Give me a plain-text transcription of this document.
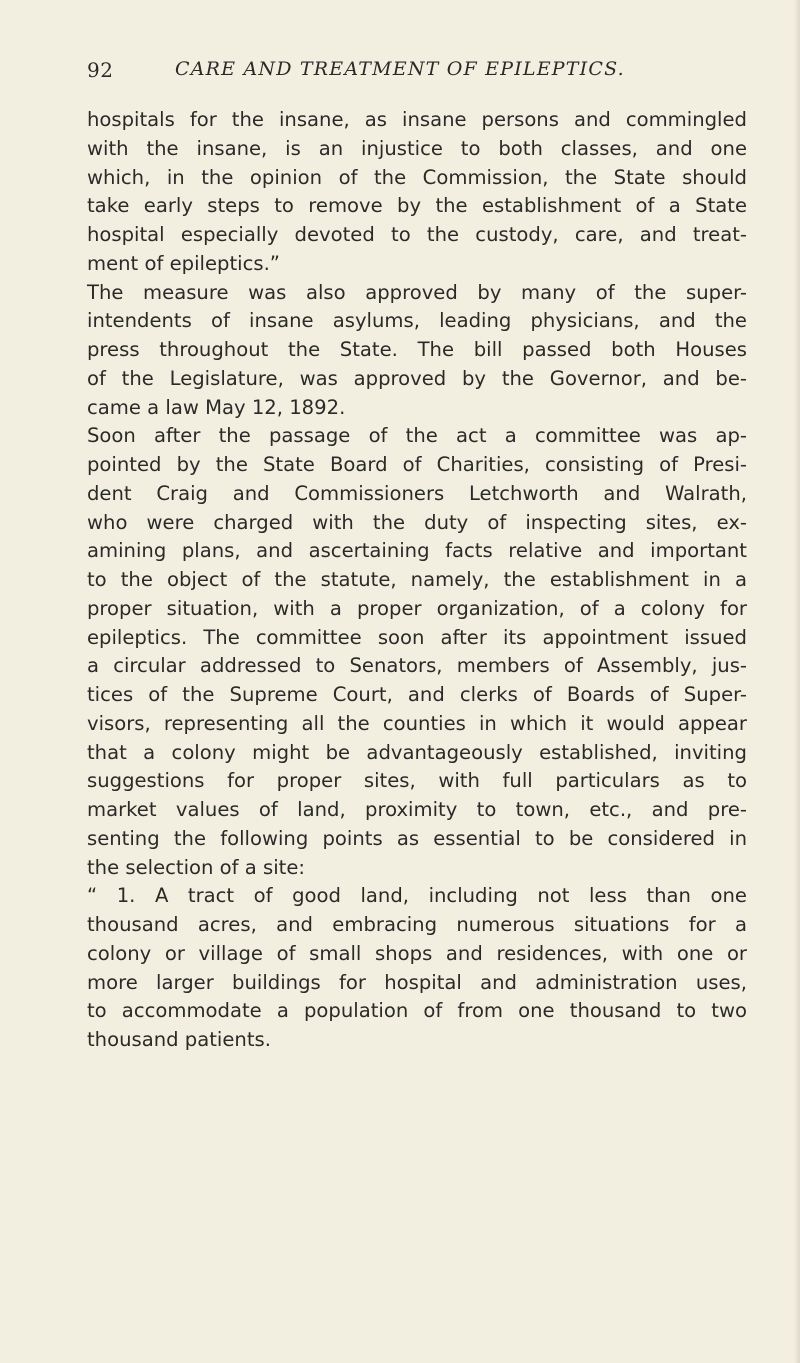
92	CARE AND TREATMENT OF EPILEPTICS.
hospitals for the insane, as insane persons and commingled
with the insane, is an injustice to both classes, and one
which, in the opinion of the Commission, the State should
take early steps to remove by the establishment of a State
hospital especially devoted to the custody, care, and treat-
ment of epileptics.”
The measure was also approved by many of the super-
intendents of insane asylums, leading physicians, and the
press throughout the State. The bill passed both Houses
of the Legislature, was approved by the Governor, and be-
came a law May 12, 1892.
Soon after the passage of the act a committee was ap-
pointed by the State Board of Charities, consisting of Presi-
dent Craig and Commissioners Letchworth and Walrath,
who were charged with the duty of inspecting sites, ex-
amining plans, and ascertaining facts relative and important
to the object of the statute, namely, the establishment in a
proper situation, with a proper organization, of a colony for
epileptics. The committee soon after its appointment issued
a circular addressed to Senators, members of Assembly, jus-
tices of the Supreme Court, and clerks of Boards of Super-
visors, representing all the counties in which it would appear
that a colony might be advantageously established, inviting
suggestions for proper sites, with full particulars as to
market values of land, proximity to town, etc., and pre-
senting the following points as essential to be considered in
the selection of a site:
“ 1. A tract of good land, including not less than one
thousand acres, and embracing numerous situations for a
colony or village of small shops and residences, with one or
more larger buildings for hospital and administration uses,
to accommodate a population of from one thousand to two
thousand patients.
